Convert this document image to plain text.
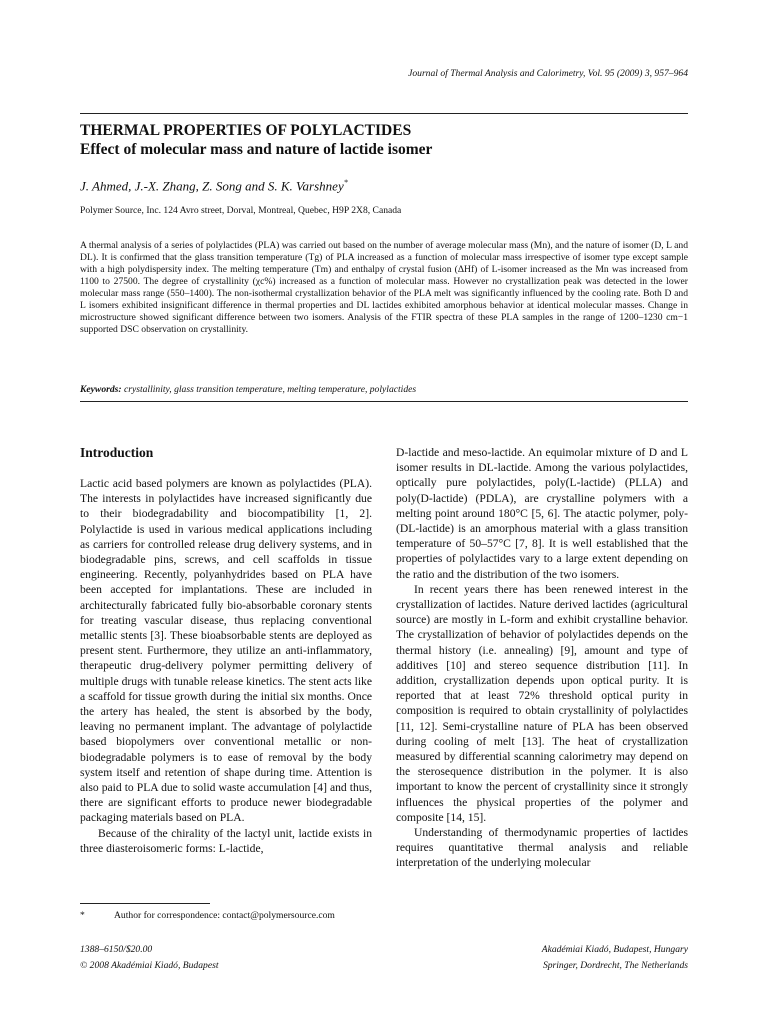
Journal of Thermal Analysis and Calorimetry, Vol. 95 (2009) 3, 957–964
THERMAL PROPERTIES OF POLYLACTIDES
Effect of molecular mass and nature of lactide isomer
J. Ahmed, J.-X. Zhang, Z. Song and S. K. Varshney*
Polymer Source, Inc. 124 Avro street, Dorval, Montreal, Quebec, H9P 2X8, Canada
A thermal analysis of a series of polylactides (PLA) was carried out based on the number of average molecular mass (Mn), and the nature of isomer (D, L and DL). It is confirmed that the glass transition temperature (Tg) of PLA increased as a function of molecular mass irrespective of isomer type except sample with a high polydispersity index. The melting temperature (Tm) and enthalpy of crystal fusion (ΔHf) of L-isomer increased as the Mn was increased from 1100 to 27500. The degree of crystallinity (χc%) increased as a function of molecular mass. However no crystallization peak was detected in the lower molecular mass range (550–1400). The non-isothermal crystallization behavior of the PLA melt was significantly influenced by the cooling rate. Both D and L isomers exhibited insignificant difference in thermal properties and DL lactides exhibited amorphous behavior at identical molecular masses. Change in microstructure showed significant difference between two isomers. Analysis of the FTIR spectra of these PLA samples in the range of 1200–1230 cm−1 supported DSC observation on crystallinity.
Keywords: crystallinity, glass transition temperature, melting temperature, polylactides
Introduction

Lactic acid based polymers are known as polylactides (PLA). The interests in polylactides have increased significantly due to their biodegradability and biocompatibility [1, 2]. Polylactide is used in various medical applications including as carriers for controlled release drug delivery systems, and in biodegradable pins, screws, and cell scaffolds in tissue engineering. Recently, polyanhydrides based on PLA have been accepted for implantations. These are included in architecturally fabricated fully bio-absorbable coronary stents for treating vascular disease, thus replacing conventional metallic stents [3]. These bioabsorbable stents are deployed as present stent. Furthermore, they utilize an anti-inflammatory, therapeutic drug-delivery polymer permitting delivery of multiple drugs with tunable release kinetics. The stent acts like a scaffold for tissue growth during the initial six months. Once the artery has healed, the stent is absorbed by the body, leaving no permanent implant. The advantage of polylactide based biopolymers over conventional metallic or non-biodegradable polymers is to ease of removal by the body system itself and retention of shape during time. Attention is also paid to PLA due to solid waste accumulation [4] and thus, there are significant efforts to produce newer biodegradable packaging materials based on PLA.

Because of the chirality of the lactyl unit, lactide exists in three diasteroisomeric forms: L-lactide,

D-lactide and meso-lactide. An equimolar mixture of D and L isomer results in DL-lactide. Among the various polylactides, optically pure polylactides, poly(L-lactide) (PLLA) and poly(D-lactide) (PDLA), are crystalline polymers with a melting point around 180°C [5, 6]. The atactic polymer, poly-(DL-lactide) is an amorphous material with a glass transition temperature of 50–57°C [7, 8]. It is well established that the properties of polylactides vary to a large extent depending on the ratio and the distribution of the two isomers.

In recent years there has been renewed interest in the crystallization of lactides. Nature derived lactides (agricultural source) are mostly in L-form and exhibit crystalline behavior. The crystallization of behavior of polylactides depends on the thermal history (i.e. annealing) [9], amount and type of additives [10] and stereo sequence distribution [11]. In addition, crystallization depends upon optical purity. It is reported that at least 72% threshold optical purity in composition is required to obtain crystallinity of polylactides [11, 12]. Semi-crystalline nature of PLA has been observed during cooling of melt [13]. The heat of crystallization measured by differential scanning calorimetry may depend on the sterosequence distribution in the polymer. It is also important to know the percent of crystallinity since it strongly influences the physical properties of the polymer and composite [14, 15].

Understanding of thermodynamic properties of lactides requires quantitative thermal analysis and reliable interpretation of the underlying molecular

*	Author for correspondence: contact@polymersource.com
1388–6150/$20.00
© 2008 Akadémiai Kiadó, Budapest
Akadémiai Kiadó, Budapest, Hungary
Springer, Dordrecht, The Netherlands
